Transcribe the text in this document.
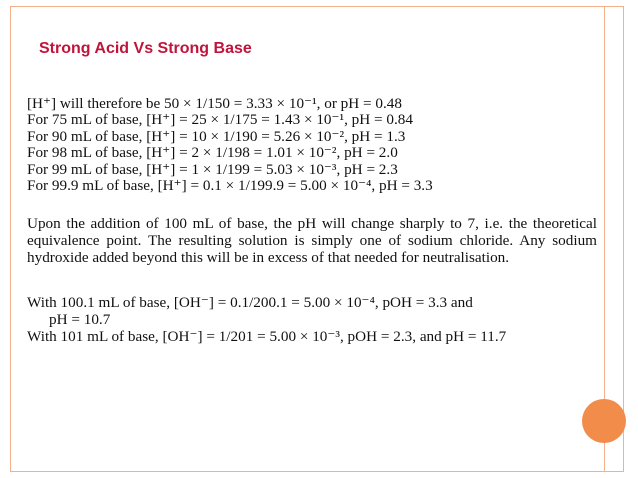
Strong Acid Vs Strong Base
[H⁺] will therefore be 50 × 1/150 = 3.33 × 10⁻¹, or pH = 0.48
For 75 mL of base, [H⁺] = 25 × 1/175 = 1.43 × 10⁻¹, pH = 0.84
For 90 mL of base, [H⁺] = 10 × 1/190 = 5.26 × 10⁻², pH = 1.3
For 98 mL of base, [H⁺] = 2 × 1/198 = 1.01 × 10⁻², pH = 2.0
For 99 mL of base, [H⁺] = 1 × 1/199 = 5.03 × 10⁻³, pH = 2.3
For 99.9 mL of base, [H⁺] = 0.1 × 1/199.9 = 5.00 × 10⁻⁴, pH = 3.3
Upon the addition of 100 mL of base, the pH will change sharply to 7, i.e. the theoretical equivalence point. The resulting solution is simply one of sodium chloride. Any sodium hydroxide added beyond this will be in excess of that needed for neutralisation.
With 100.1 mL of base, [OH⁻] = 0.1/200.1 = 5.00 × 10⁻⁴, pOH = 3.3 and
pH = 10.7
With 101 mL of base, [OH⁻] = 1/201 = 5.00 × 10⁻³, pOH = 2.3, and pH = 11.7
